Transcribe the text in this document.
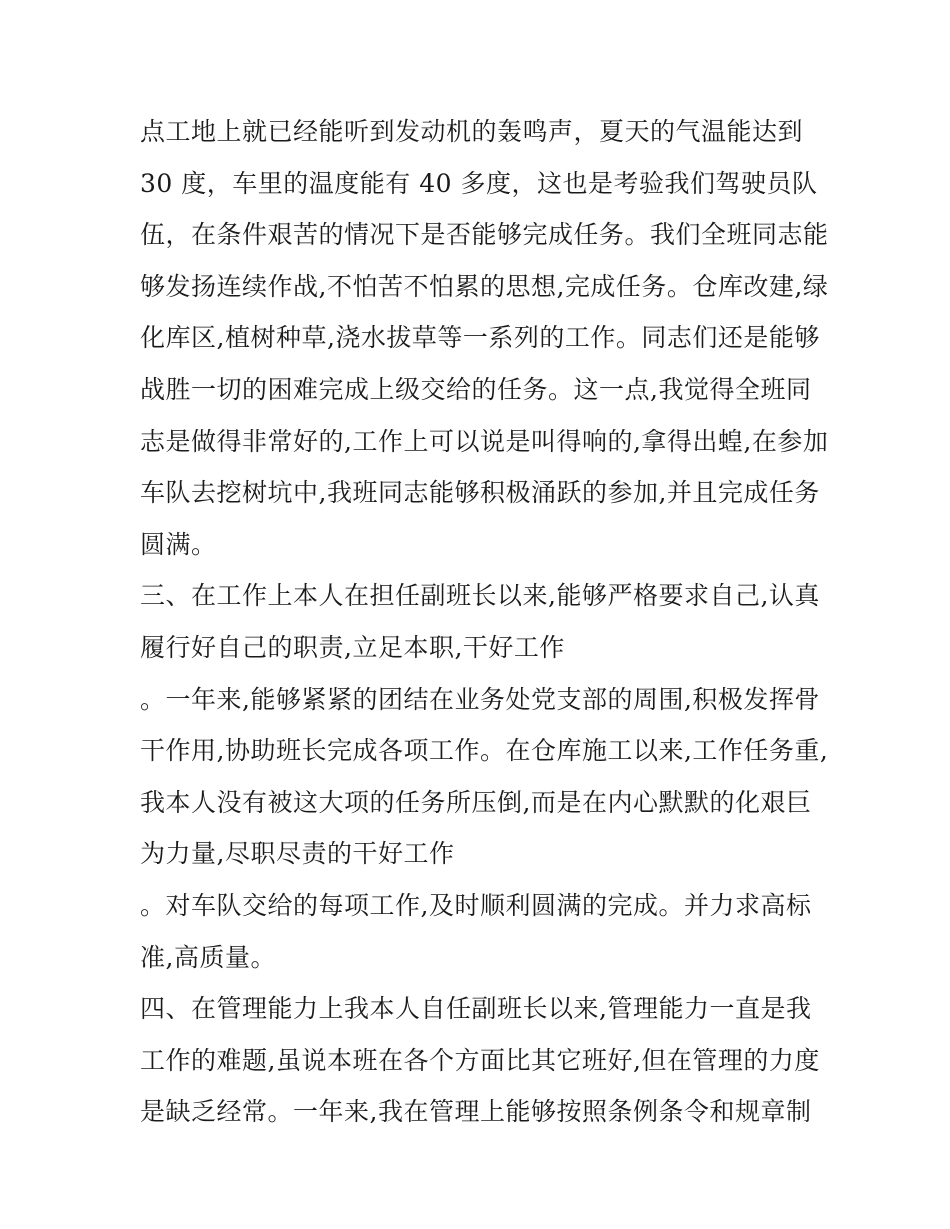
点工地上就已经能听到发动机的轰鸣声，夏天的气温能达到
30 度，车里的温度能有 40 多度，这也是考验我们驾驶员队
伍，在条件艰苦的情况下是否能够完成任务。我们全班同志能
够发扬连续作战,不怕苦不怕累的思想,完成任务。仓库改建,绿
化库区,植树种草,浇水拔草等一系列的工作。同志们还是能够
战胜一切的困难完成上级交给的任务。这一点,我觉得全班同
志是做得非常好的,工作上可以说是叫得响的,拿得出蝗,在参加
车队去挖树坑中,我班同志能够积极涌跃的参加,并且完成任务
圆满。
三、在工作上本人在担任副班长以来,能够严格要求自己,认真
履行好自己的职责,立足本职,干好工作
。一年来,能够紧紧的团结在业务处党支部的周围,积极发挥骨
干作用,协助班长完成各项工作。在仓库施工以来,工作任务重,
我本人没有被这大项的任务所压倒,而是在内心默默的化艰巨
为力量,尽职尽责的干好工作
。对车队交给的每项工作,及时顺利圆满的完成。并力求高标
准,高质量。
四、在管理能力上我本人自任副班长以来,管理能力一直是我
工作的难题,虽说本班在各个方面比其它班好,但在管理的力度
是缺乏经常。一年来,我在管理上能够按照条例条令和规章制
